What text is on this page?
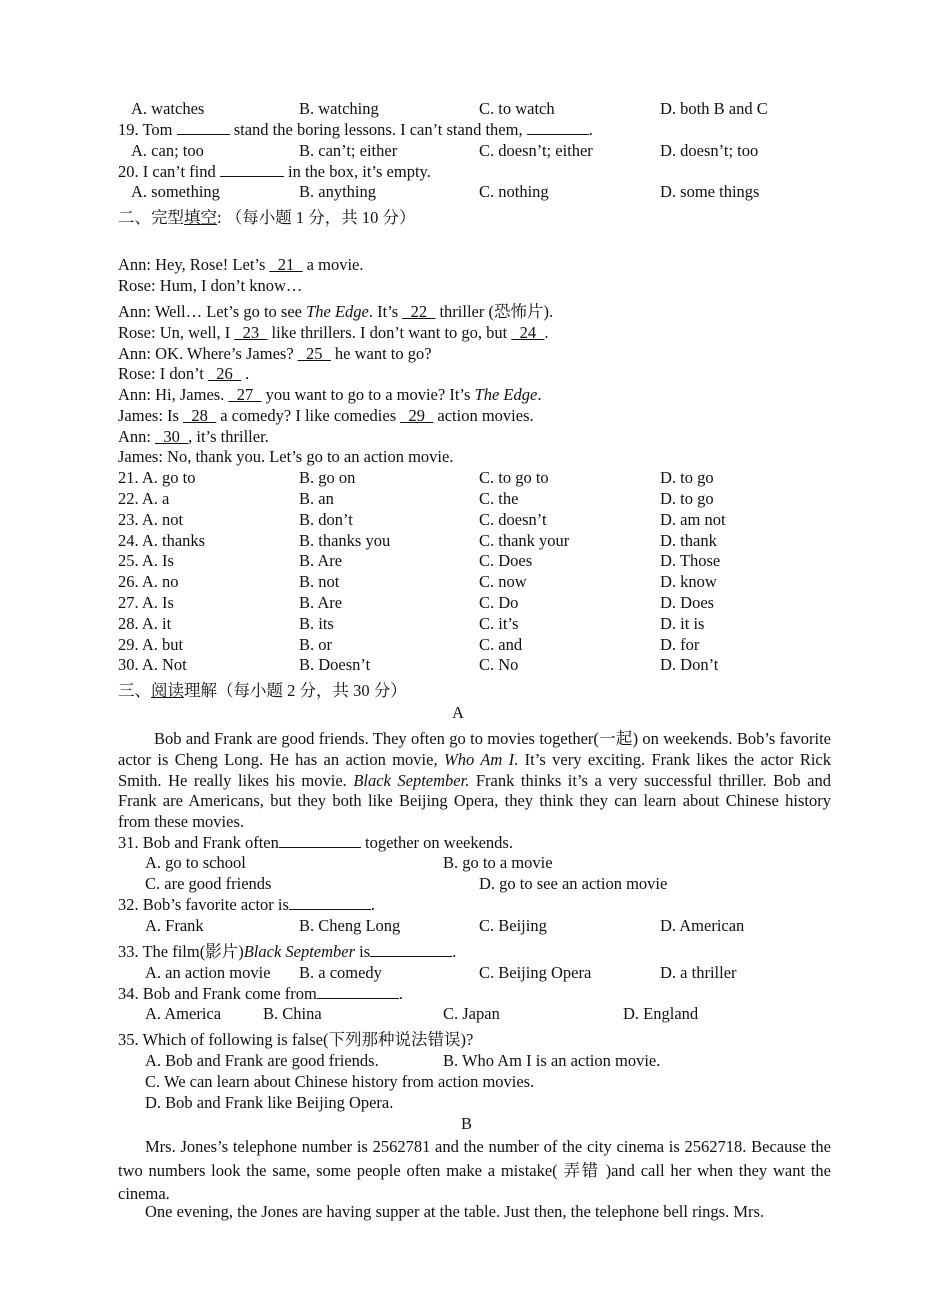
A. watches	B. watching	C. to watch	D. both B and C
19. Tom	stand the boring lessons. I can’t stand them,	.
A. can; too	B. can’t; either	C. doesn’t; either	D. doesn’t; too
20. I can’t find	in the box, it’s empty.
A. something	B. anything	C. nothing	D. some things
二、完型填空: （每小题 1 分，共 10 分）
Ann: Hey, Rose! Let’s _21_ a movie.
Rose: Hum, I don’t know…
Ann: Well… Let’s go to see The Edge. It’s _22_ thriller (恐怖片).
Rose: Un, well, I _23_ like thrillers. I don’t want to go, but _24_.
Ann: OK. Where’s James? _25_ he want to go?
Rose: I don’t _26_ .
Ann: Hi, James. _27_ you want to go to a movie? It’s The Edge.
James: Is _28_ a comedy? I like comedies _29_ action movies.
Ann: _30_, it’s thriller.
James: No, thank you. Let’s go to an action movie.
21. A. go to	B. go on	C. to go to	D. to go
22. A. a	B. an	C. the	D. to go
23. A. not	B. don’t	C. doesn’t	D. am not
24. A. thanks	B. thanks you	C. thank your	D. thank
25. A. Is	B. Are	C. Does	D. Those
26. A. no	B. not	C. now	D. know
27. A. Is	B. Are	C. Do	D. Does
28. A. it	B. its	C. it’s	D. it is
29. A. but	B. or	C. and	D. for
30. A. Not	B. Doesn’t	C. No	D. Don’t
三、阅读理解（每小题 2 分，共 30 分）
A
Bob and Frank are good friends. They often go to movies together(一起) on weekends. Bob’s favorite actor is Cheng Long. He has an action movie, Who Am I. It’s very exciting. Frank likes the actor Rick Smith. He really likes his movie. Black September. Frank thinks it’s a very successful thriller. Bob and Frank are Americans, but they both like Beijing Opera, they think they can learn about Chinese history from these movies.
31. Bob and Frank often	together on weekends.
A. go to school	B. go to a movie
C. are good friends	D. go to see an action movie
32. Bob’s favorite actor is	.
A. Frank	B. Cheng Long	C. Beijing	D. American
33. The film(影片)Black September is	.
A. an action movie B. a comedy	C. Beijing Opera	D. a thriller
34. Bob and Frank come from	.
A. America	B. China	C. Japan	D. England
35. Which of following is false(下列那种说法错误)?
A. Bob and Frank are good friends.	B. Who Am I is an action movie.
C. We can learn about Chinese history from action movies.
D. Bob and Frank like Beijing Opera.
B
Mrs. Jones’s telephone number is 2562781 and the number of the city cinema is 2562718. Because the two numbers look the same, some people often make a mistake( 弄错 )and call her when they want the cinema.
One evening, the Jones are having supper at the table. Just then, the telephone bell rings. Mrs.
